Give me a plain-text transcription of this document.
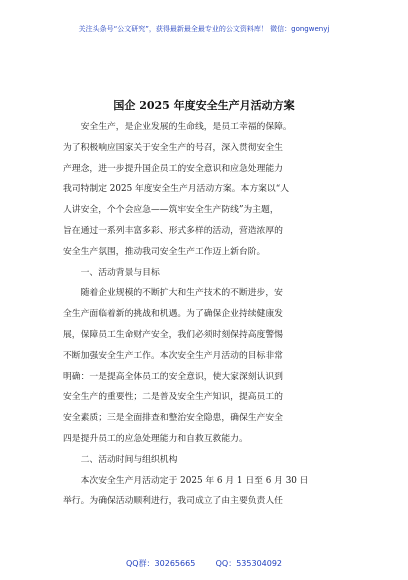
关注头条号“公文研究”，获得最新最全最专业的公文资料库！ 微信：gongwenyj
国企 2025 年度安全生产月活动方案
　　安全生产，是企业发展的生命线，是员工幸福的保障。
为了积极响应国家关于安全生产的号召，深入贯彻安全生
产理念，进一步提升国企员工的安全意识和应急处理能力
我司特制定 2025 年度安全生产月活动方案。本方案以“人
人讲安全，个个会应急——筑牢安全生产防线”为主题，
旨在通过一系列丰富多彩、形式多样的活动，营造浓厚的
安全生产氛围，推动我司安全生产工作迈上新台阶。
　　一、活动背景与目标
　　随着企业规模的不断扩大和生产技术的不断进步，安
全生产面临着新的挑战和机遇。为了确保企业持续健康发
展，保障员工生命财产安全，我们必须时刻保持高度警惕
不断加强安全生产工作。本次安全生产月活动的目标非常
明确：一是提高全体员工的安全意识，使大家深刻认识到
安全生产的重要性；二是普及安全生产知识，提高员工的
安全素质；三是全面排查和整治安全隐患，确保生产安全
四是提升员工的应急处理能力和自救互救能力。
　　二、活动时间与组织机构
　　本次安全生产月活动定于 2025 年 6 月 1 日至 6 月 30 日
举行。为确保活动顺利进行，我司成立了由主要负责人任
QQ群：30265665        QQ：535304092
